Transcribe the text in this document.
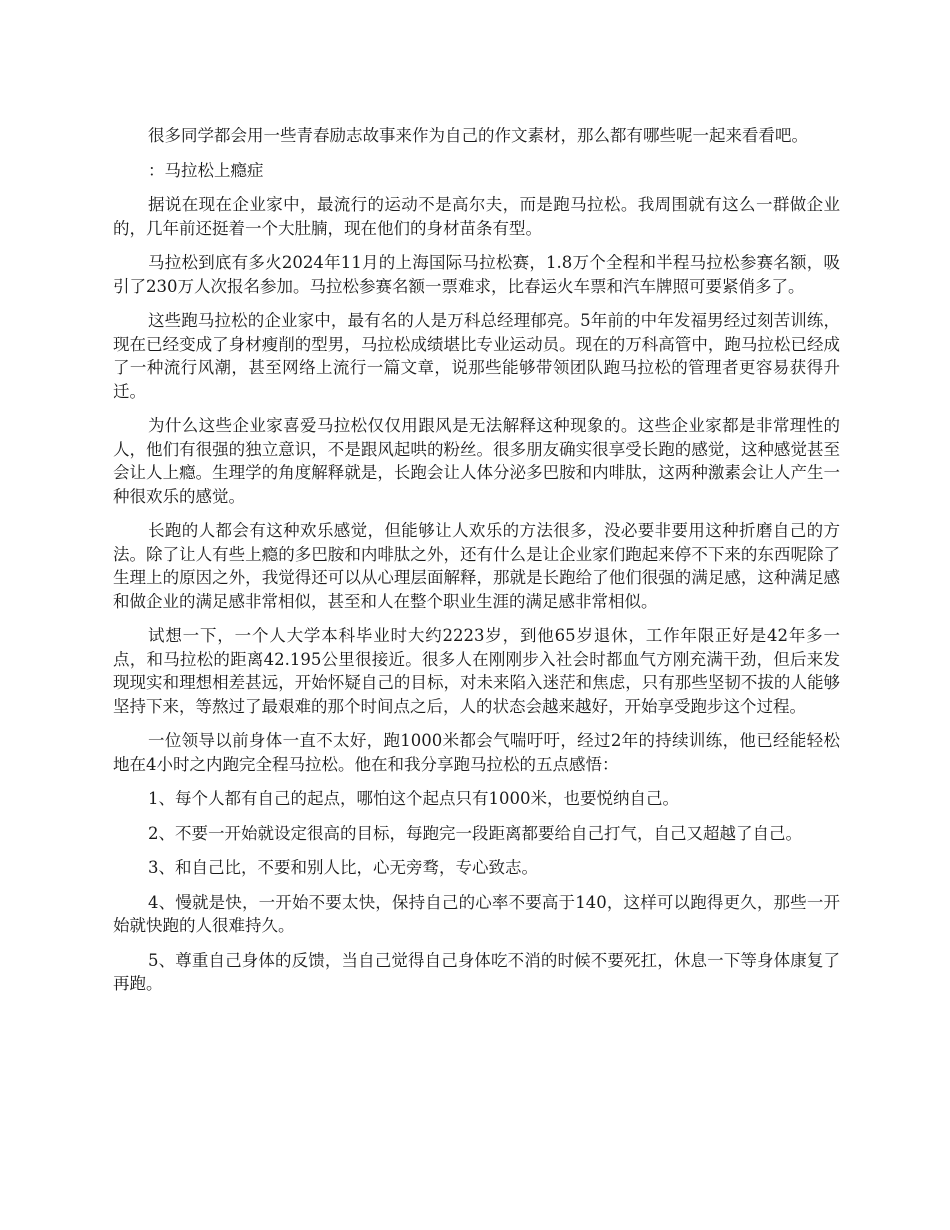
很多同学都会用一些青春励志故事来作为自己的作文素材，那么都有哪些呢一起来看看吧。

：马拉松上瘾症

据说在现在企业家中，最流行的运动不是高尔夫，而是跑马拉松。我周围就有这么一群做企业的，几年前还挺着一个大肚腩，现在他们的身材苗条有型。

马拉松到底有多火2024年11月的上海国际马拉松赛，1.8万个全程和半程马拉松参赛名额，吸引了230万人次报名参加。马拉松参赛名额一票难求，比春运火车票和汽车牌照可要紧俏多了。

这些跑马拉松的企业家中，最有名的人是万科总经理郁亮。5年前的中年发福男经过刻苦训练，现在已经变成了身材瘦削的型男，马拉松成绩堪比专业运动员。现在的万科高管中，跑马拉松已经成了一种流行风潮，甚至网络上流行一篇文章，说那些能够带领团队跑马拉松的管理者更容易获得升迁。

为什么这些企业家喜爱马拉松仅仅用跟风是无法解释这种现象的。这些企业家都是非常理性的人，他们有很强的独立意识，不是跟风起哄的粉丝。很多朋友确实很享受长跑的感觉，这种感觉甚至会让人上瘾。生理学的角度解释就是，长跑会让人体分泌多巴胺和内啡肽，这两种激素会让人产生一种很欢乐的感觉。

长跑的人都会有这种欢乐感觉，但能够让人欢乐的方法很多，没必要非要用这种折磨自己的方法。除了让人有些上瘾的多巴胺和内啡肽之外，还有什么是让企业家们跑起来停不下来的东西呢除了生理上的原因之外，我觉得还可以从心理层面解释，那就是长跑给了他们很强的满足感，这种满足感和做企业的满足感非常相似，甚至和人在整个职业生涯的满足感非常相似。

试想一下，一个人大学本科毕业时大约2223岁，到他65岁退休，工作年限正好是42年多一点，和马拉松的距离42.195公里很接近。很多人在刚刚步入社会时都血气方刚充满干劲，但后来发现现实和理想相差甚远，开始怀疑自己的目标，对未来陷入迷茫和焦虑，只有那些坚韧不拔的人能够坚持下来，等熬过了最艰难的那个时间点之后，人的状态会越来越好，开始享受跑步这个过程。

一位领导以前身体一直不太好，跑1000米都会气喘吁吁，经过2年的持续训练，他已经能轻松地在4小时之内跑完全程马拉松。他在和我分享跑马拉松的五点感悟：

1、每个人都有自己的起点，哪怕这个起点只有1000米，也要悦纳自己。

2、不要一开始就设定很高的目标，每跑完一段距离都要给自己打气，自己又超越了自己。

3、和自己比，不要和别人比，心无旁骛，专心致志。

4、慢就是快，一开始不要太快，保持自己的心率不要高于140，这样可以跑得更久，那些一开始就快跑的人很难持久。

5、尊重自己身体的反馈，当自己觉得自己身体吃不消的时候不要死扛，休息一下等身体康复了再跑。
